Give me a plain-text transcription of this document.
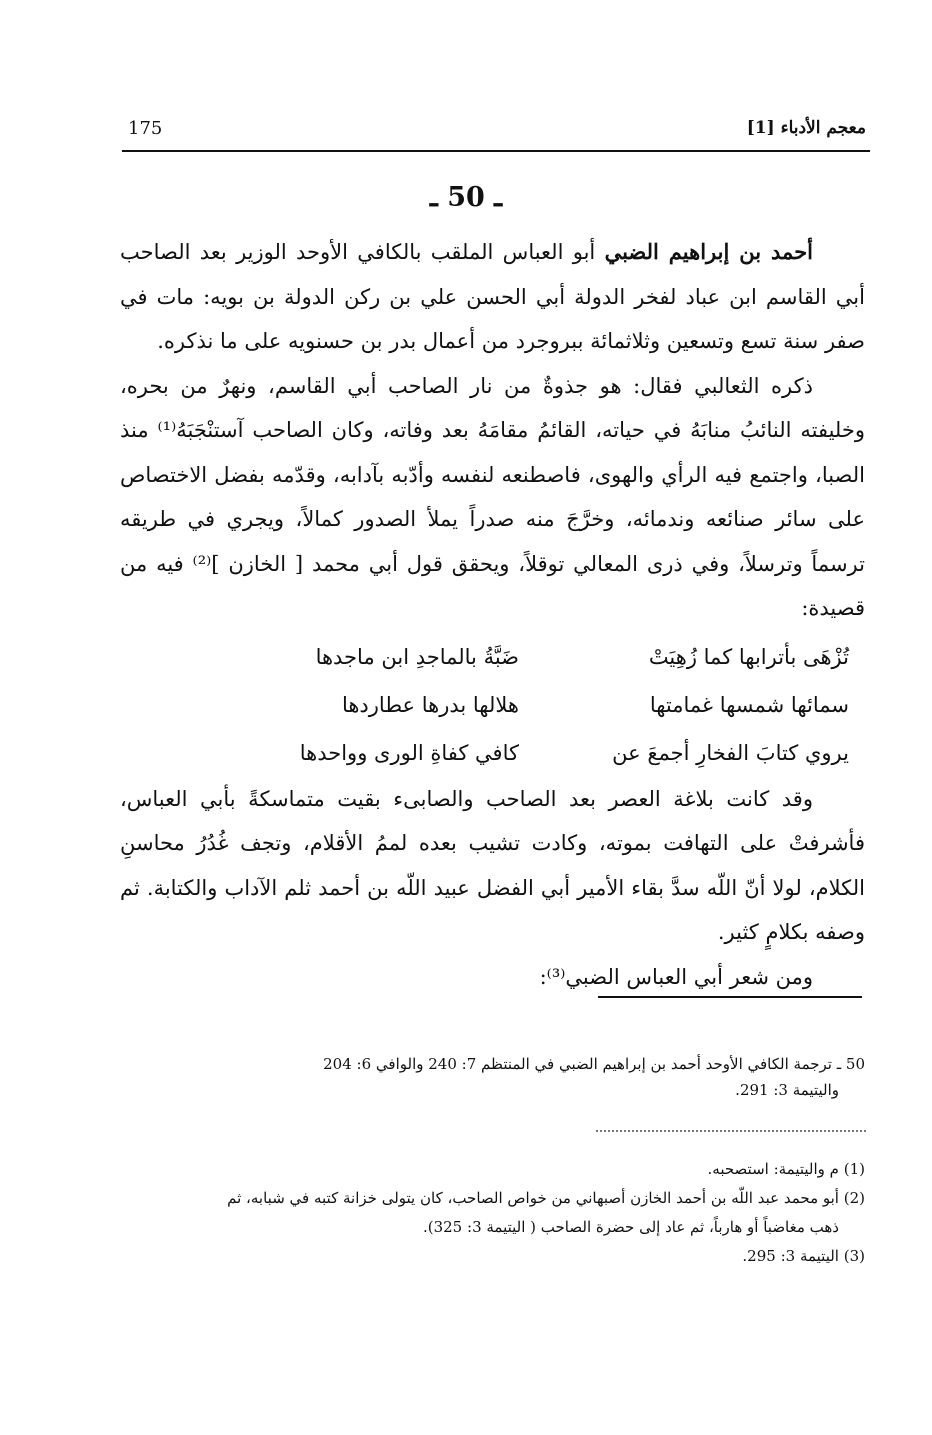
175	معجم الأدباء [1]
ـ 50 ـ

أحمد بن إبراهيم الضبي أبو العباس الملقب بالكافي الأوحد الوزير بعد الصاحب أبي القاسم ابن عباد لفخر الدولة أبي الحسن علي بن ركن الدولة بن بويه: مات في صفر سنة تسع وتسعين وثلاثمائة ببروجرد من أعمال بدر بن حسنويه على ما نذكره.

ذكره الثعالبي فقال: هو جذوةٌ من نار الصاحب أبي القاسم، ونهرٌ من بحره، وخليفته النائبُ منابَهُ في حياته، القائمُ مقامَهُ بعد وفاته، وكان الصاحب آستنْجَبَهُ⁽¹⁾ منذ الصبا، واجتمع فيه الرأي والهوى، فاصطنعه لنفسه وأدّبه بآدابه، وقدّمه بفضل الاختصاص على سائر صنائعه وندمائه، وخرَّجَ منه صدراً يملأ الصدور كمالاً، ويجري في طريقه ترسماً وترسلاً، وفي ذرى المعالي توقلاً، ويحقق قول أبي محمد [ الخازن ]⁽²⁾ فيه من قصيدة:

تُزْهَى بأترابها كما زُهِيَتْ
ضَبَّةُ بالماجدِ ابن ماجدها
سمائها شمسها غمامتها
هلالها بدرها عطاردها
يروي كتابَ الفخارِ أجمعَ عن
كافي كفاةِ الورى وواحدها

وقد كانت بلاغة العصر بعد الصاحب والصابىء بقيت متماسكةً بأبي العباس، فأشرفتْ على التهافت بموته، وكادت تشيب بعده لممُ الأقلام، وتجف غُدُرُ محاسنِ الكلام، لولا أنّ اللّه سدَّ بقاء الأمير أبي الفضل عبيد اللّه بن أحمد ثلم الآداب والكتابة. ثم وصفه بكلامٍ كثير.

ومن شعر أبي العباس الضبي⁽³⁾:

50 ـ ترجمة الكافي الأوحد أحمد بن إبراهيم الضبي في المنتظم 7: 240 والوافي 6: 204

واليتيمة 3: 291.

(1) م واليتيمة: استصحبه.

(2) أبو محمد عبد اللّه بن أحمد الخازن أصبهاني من خواص الصاحب، كان يتولى خزانة كتبه في شبابه، ثم

ذهب مغاضباً أو هارباً، ثم عاد إلى حضرة الصاحب ( اليتيمة 3: 325).

(3) اليتيمة 3: 295.
